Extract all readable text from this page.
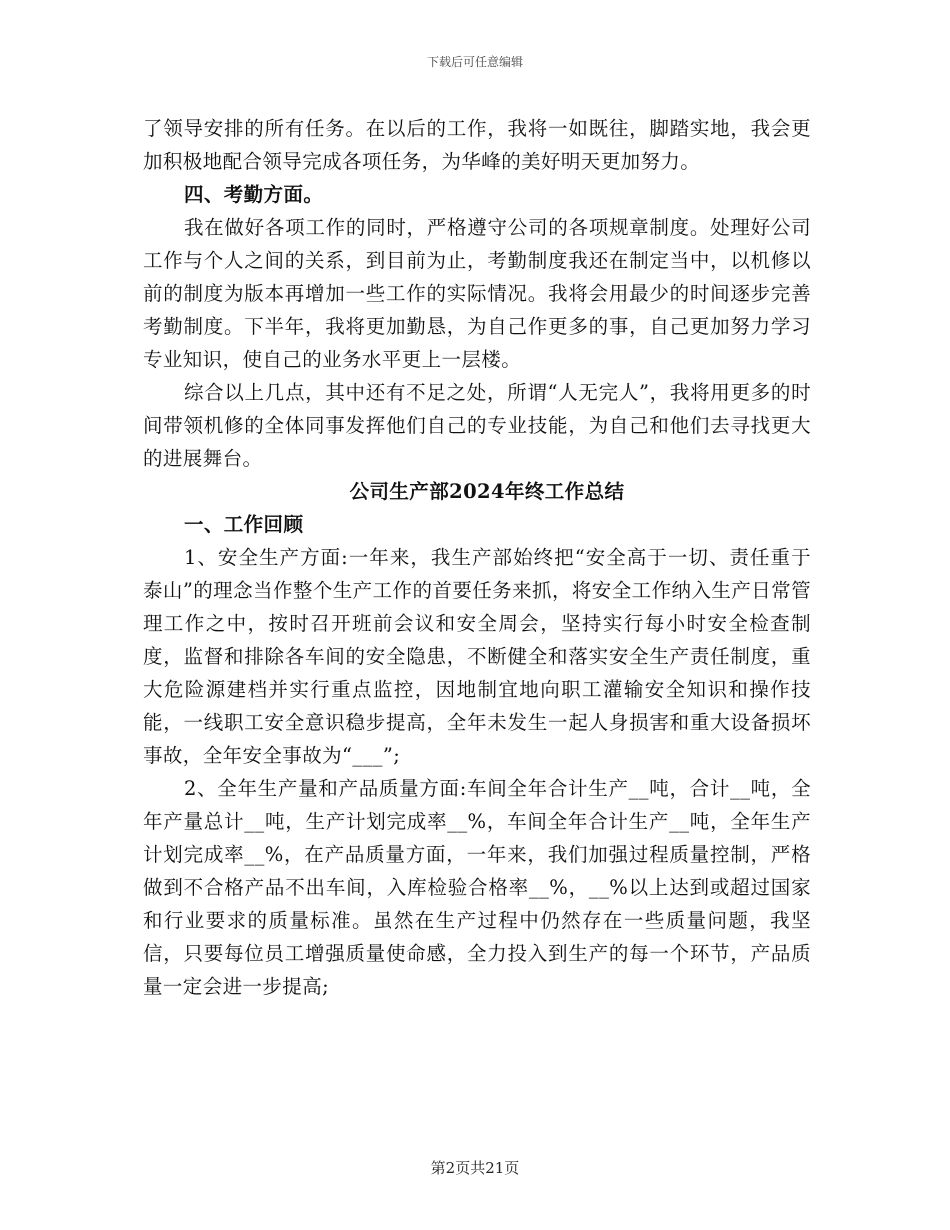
下载后可任意编辑

了领导安排的所有任务。在以后的工作，我将一如既往，脚踏实地，我会更加积极地配合领导完成各项任务，为华峰的美好明天更加努力。

四、考勤方面。

我在做好各项工作的同时，严格遵守公司的各项规章制度。处理好公司工作与个人之间的关系，到目前为止，考勤制度我还在制定当中，以机修以前的制度为版本再增加一些工作的实际情况。我将会用最少的时间逐步完善考勤制度。下半年，我将更加勤恳，为自己作更多的事，自己更加努力学习专业知识，使自己的业务水平更上一层楼。

综合以上几点，其中还有不足之处，所谓“人无完人”，我将用更多的时间带领机修的全体同事发挥他们自己的专业技能，为自己和他们去寻找更大的进展舞台。

公司生产部2024年终工作总结

一、工作回顾

1、安全生产方面:一年来，我生产部始终把“安全高于一切、责任重于泰山”的理念当作整个生产工作的首要任务来抓，将安全工作纳入生产日常管理工作之中，按时召开班前会议和安全周会，坚持实行每小时安全检查制度，监督和排除各车间的安全隐患，不断健全和落实安全生产责任制度，重大危险源建档并实行重点监控，因地制宜地向职工灌输安全知识和操作技能，一线职工安全意识稳步提高，全年未发生一起人身损害和重大设备损坏事故，全年安全事故为“___”;

2、全年生产量和产品质量方面:车间全年合计生产__吨，合计__吨，全年产量总计__吨，生产计划完成率__%，车间全年合计生产__吨，全年生产计划完成率__%，在产品质量方面，一年来，我们加强过程质量控制，严格做到不合格产品不出车间，入库检验合格率__%，__%以上达到或超过国家和行业要求的质量标准。虽然在生产过程中仍然存在一些质量问题，我坚信，只要每位员工增强质量使命感，全力投入到生产的每一个环节，产品质量一定会进一步提高;

第2页共21页
